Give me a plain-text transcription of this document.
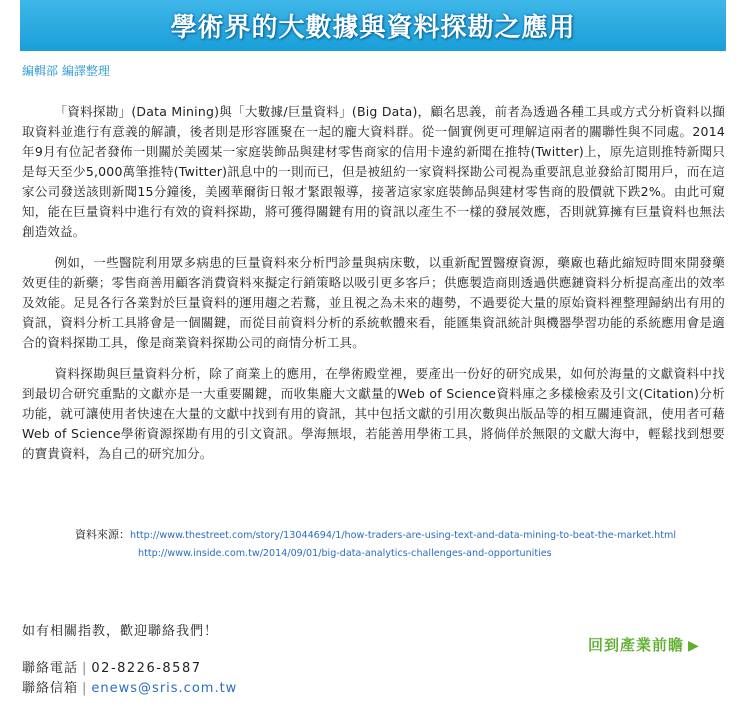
學術界的大數據與資料探勘之應用
編輯部 編譯整理

「資料探勘」(Data Mining)與「大數據/巨量資料」(Big Data)，顧名思義，前者為透過各種工具或方式分析資料以擷取資料並進行有意義的解讀，後者則是形容匯聚在一起的龐大資料群。從一個實例更可理解這兩者的關聯性與不同處。2014年9月有位記者發佈一則關於美國某一家庭裝飾品與建材零售商家的信用卡違約新聞在推特(Twitter)上，原先這則推特新聞只是每天至少5,000萬筆推特(Twitter)訊息中的一則而已，但是被紐約一家資料探勘公司視為重要訊息並發給訂閱用戶，而在這家公司發送該則新聞15分鐘後，美國華爾街日報才緊跟報導，接著這家家庭裝飾品與建材零售商的股價就下跌2%。由此可窺知，能在巨量資料中進行有效的資料探勘，將可獲得關鍵有用的資訊以產生不一樣的發展效應，否則就算擁有巨量資料也無法創造效益。

例如，一些醫院利用眾多病患的巨量資料來分析門診量與病床數，以重新配置醫療資源，藥廠也藉此縮短時間來開發藥效更佳的新藥；零售商善用顧客消費資料來擬定行銷策略以吸引更多客戶；供應製造商則透過供應鏈資料分析提高產出的效率及效能。足見各行各業對於巨量資料的運用趨之若鶩，並且視之為未來的趨勢，不過要從大量的原始資料裡整理歸納出有用的資訊，資料分析工具將會是一個關鍵，而從目前資料分析的系統軟體來看，能匯集資訊統計與機器學習功能的系統應用會是適合的資料探勘工具，像是商業資料探勘公司的商情分析工具。

資料探勘與巨量資料分析，除了商業上的應用，在學術殿堂裡，要產出一份好的研究成果，如何於海量的文獻資料中找到最切合研究重點的文獻亦是一大重要關鍵，而收集龐大文獻量的Web of Science資料庫之多樣檢索及引文(Citation)分析功能，就可讓使用者快速在大量的文獻中找到有用的資訊，其中包括文獻的引用次數與出版品等的相互關連資訊，使用者可藉Web of Science學術資源探勘有用的引文資訊。學海無垠，若能善用學術工具，將倘佯於無限的文獻大海中，輕鬆找到想要的寶貴資料，為自己的研究加分。

資料來源：http://www.thestreet.com/story/13044694/1/how-traders-are-using-text-and-data-mining-to-beat-the-market.html
http://www.inside.com.tw/2014/09/01/big-data-analytics-challenges-and-opportunities
如有相關指教，歡迎聯絡我們！
回到產業前瞻 ▶
聯絡電話 | 02-8226-8587
聯絡信箱 | enews@sris.com.tw
